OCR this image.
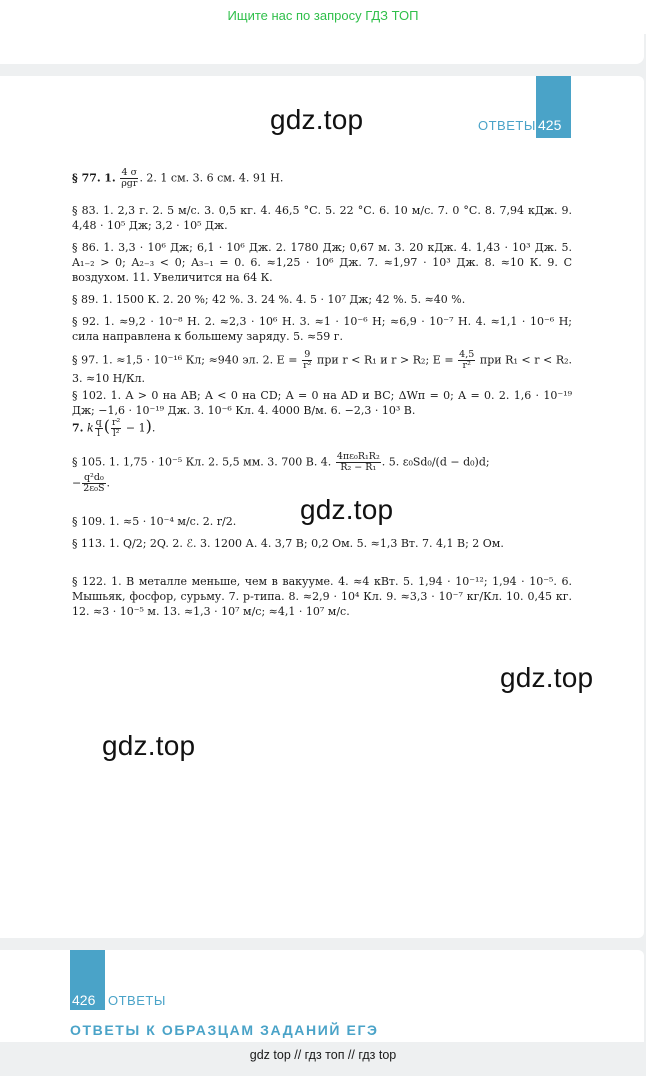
Ищите нас по запросу ГДЗ ТОП
425
ОТВЕТЫ
gdz.top
gdz.top
gdz.top
gdz.top

§ 77. 1. $\frac{4 \sigma}{\text{ρgr}}$ . 2. 1 см. 3. 6 см. 4. 91 Н.

§ 83. 1. 2,3 г. 2. 5 м/с. 3. 0,5 кг. 4. 46,5 °С. 5. 22 °С. 6. 10 м/с. 7. 0 °С. 8. 7,94 кДж. 9. 4,48 · 10⁵ Дж; 3,2 · 10⁵ Дж.

§ 86. 1. 3,3 · 10⁶ Дж; 6,1 · 10⁶ Дж. 2. 1780 Дж; 0,67 м. 3. 20 кДж. 4. 1,43 · 10³ Дж. 5. A₁₋₂ > 0; A₂₋₃ < 0; A₃₋₁ = 0. 6. ≈1,25 · 10⁶ Дж. 7. ≈1,97 · 10³ Дж. 8. ≈10 К. 9. С воздухом. 11. Увеличится на 64 К.

§ 89. 1. 1500 К. 2. 20 %; 42 %. 3. 24 %. 4. 5 · 10⁷ Дж; 42 %. 5. ≈40 %.

§ 92. 1. ≈9,2 · 10⁻⁸ Н. 2. ≈2,3 · 10⁶ Н. 3. ≈1 · 10⁻⁶ Н; ≈6,9 · 10⁻⁷ Н. 4. ≈1,1 · 10⁻⁶ Н; сила направлена к большему заряду. 5. ≈59 г.

§ 97. 1. ≈1,5 · 10⁻¹⁶ Кл; ≈940 эл. 2. $E = \frac{9}{\text{r²}}$ при r < R₁ и r > R₂; $E = \frac{4,5}{\text{r²}}$ при R₁ < r < R₂. 3. ≈10 Н/Кл.

§ 102. 1. A > 0 на AB; A < 0 на CD; A = 0 на AD и BC; ΔWп = 0; A = 0. 2. 1,6 · 10⁻¹⁹ Дж; −1,6 · 10⁻¹⁹ Дж. 3. 10⁻⁶ Кл. 4. 4000 В/м. 6. −2,3 · 10³ В.
7. k $\frac{q}{l}$ ( $\frac{\text{r²}}{\text{l²}} - 1$).

§ 105. 1. 1,75 · 10⁻⁵ Кл. 2. 5,5 мм. 3. 700 В. 4. $\frac{\text{4πε₀R₁R₂}}{\text{R₂ − R₁}}$ . 5. ε₀Sd₀/(d − d₀)d;
− $\frac{\text{q²d₀}}{\text{2ε₀S}}$ .

§ 109. 1. ≈5 · 10⁻⁴ м/с. 2. r/2.

§ 113. 1. Q/2; 2Q. 2. ℰ. 3. 1200 А. 4. 3,7 В; 0,2 Ом. 5. ≈1,3 Вт. 7. 4,1 В; 2 Ом.

§ 122. 1. В металле меньше, чем в вакууме. 4. ≈4 кВт. 5. 1,94 · 10⁻¹²; 1,94 · 10⁻⁵. 6. Мышьяк, фосфор, сурьму. 7. p-типа. 8. ≈2,9 · 10⁴ Кл. 9. ≈3,3 · 10⁻⁷ кг/Кл. 10. 0,45 кг. 12. ≈3 · 10⁻⁵ м. 13. ≈1,3 · 10⁷ м/с; ≈4,1 · 10⁷ м/с.

426 ОТВЕТЫ
ОТВЕТЫ К ОБРАЗЦАМ ЗАДАНИЙ ЕГЭ
gdz top // гдз топ // гдз top
